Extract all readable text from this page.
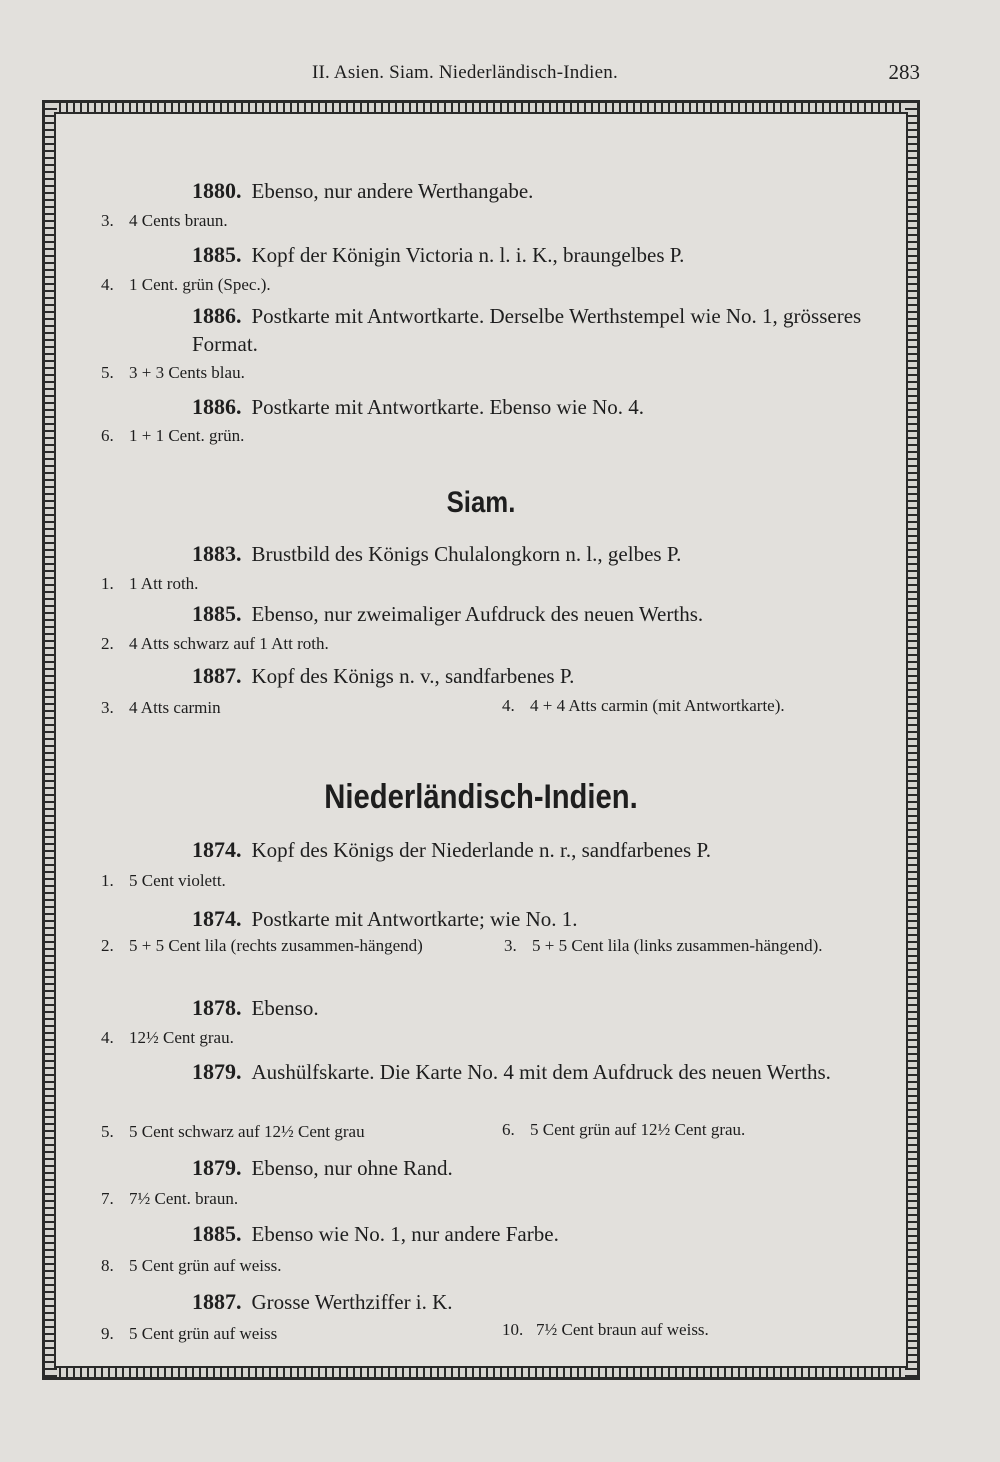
II. Asien. Siam. Niederländisch-Indien.	283
1880. Ebenso, nur andere Werthangabe.
3. 4 Cents braun.
1885. Kopf der Königin Victoria n. l. i. K., braungelbes P.
4. 1 Cent. grün (Spec.).
1886. Postkarte mit Antwortkarte. Derselbe Werthstempel wie No. 1, grösseres Format.
5. 3 + 3 Cents blau.
1886. Postkarte mit Antwortkarte. Ebenso wie No. 4.
6. 1 + 1 Cent. grün.
Siam.
1883. Brustbild des Königs Chulalongkorn n. l., gelbes P.
1. 1 Att roth.
1885. Ebenso, nur zweimaliger Aufdruck des neuen Werths.
2. 4 Atts schwarz auf 1 Att roth.
1887. Kopf des Königs n. v., sandfarbenes P.
3. 4 Atts carmin	4. 4 + 4 Atts carmin (mit Antwortkarte).
Niederländisch-Indien.
1874. Kopf des Königs der Niederlande n. r., sandfarbenes P.
1. 5 Cent violett.
1874. Postkarte mit Antwortkarte; wie No. 1.
2. 5 + 5 Cent lila (rechts zusammen-hängend)	3. 5 + 5 Cent lila (links zusammen-hängend).
1878. Ebenso.
4. 12½ Cent grau.
1879. Aushülfskarte. Die Karte No. 4 mit dem Aufdruck des neuen Werths.
5. 5 Cent schwarz auf 12½ Cent grau	6. 5 Cent grün auf 12½ Cent grau.
1879. Ebenso, nur ohne Rand.
7. 7½ Cent. braun.
1885. Ebenso wie No. 1, nur andere Farbe.
8. 5 Cent grün auf weiss.
1887. Grosse Werthziffer i. K.
9. 5 Cent grün auf weiss	10. 7½ Cent braun auf weiss.
